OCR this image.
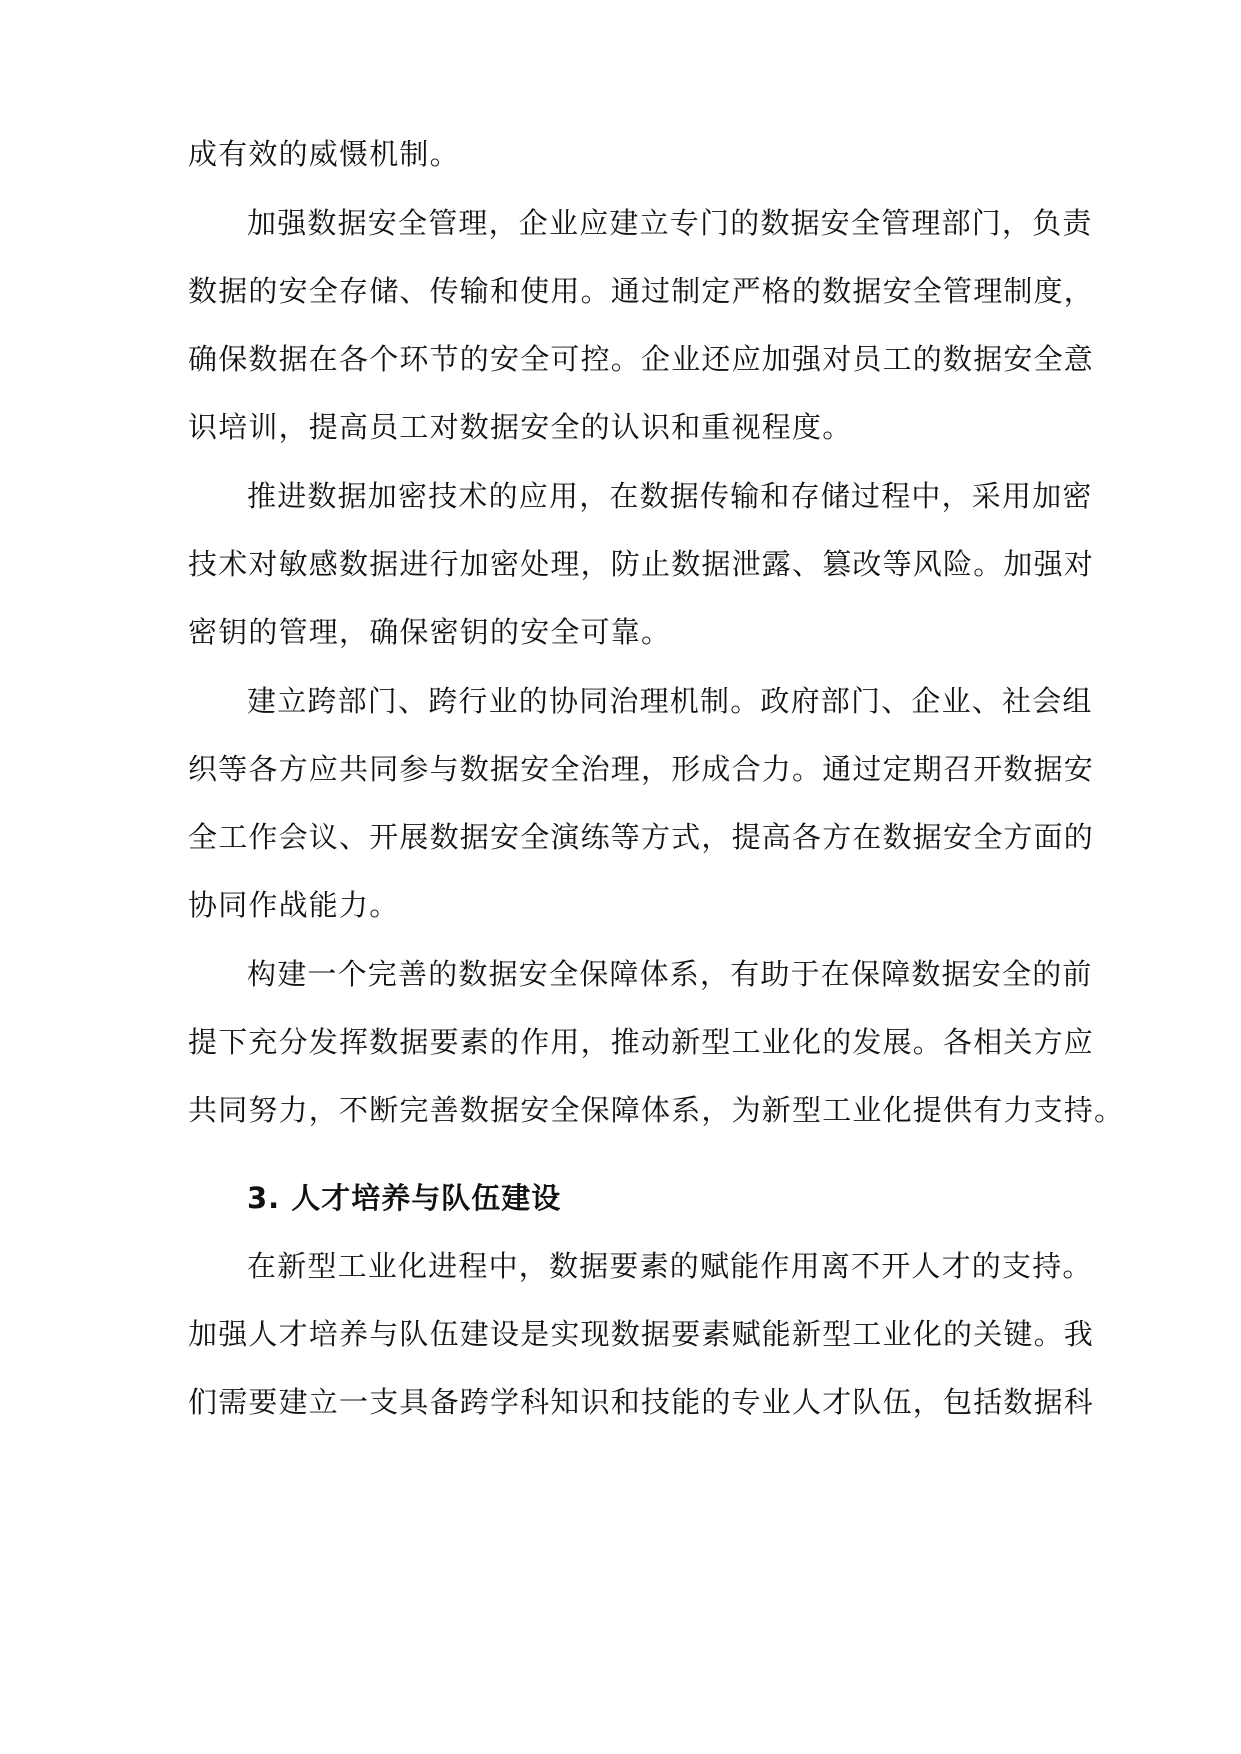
成有效的威慑机制。

加强数据安全管理，企业应建立专门的数据安全管理部门，负责

数据的安全存储、传输和使用。通过制定严格的数据安全管理制度，

确保数据在各个环节的安全可控。企业还应加强对员工的数据安全意

识培训，提高员工对数据安全的认识和重视程度。

推进数据加密技术的应用，在数据传输和存储过程中，采用加密

技术对敏感数据进行加密处理，防止数据泄露、篡改等风险。加强对

密钥的管理，确保密钥的安全可靠。

建立跨部门、跨行业的协同治理机制。政府部门、企业、社会组

织等各方应共同参与数据安全治理，形成合力。通过定期召开数据安

全工作会议、开展数据安全演练等方式，提高各方在数据安全方面的

协同作战能力。

构建一个完善的数据安全保障体系，有助于在保障数据安全的前

提下充分发挥数据要素的作用，推动新型工业化的发展。各相关方应

共同努力，不断完善数据安全保障体系，为新型工业化提供有力支持。

3. 人才培养与队伍建设

在新型工业化进程中，数据要素的赋能作用离不开人才的支持。

加强人才培养与队伍建设是实现数据要素赋能新型工业化的关键。我

们需要建立一支具备跨学科知识和技能的专业人才队伍，包括数据科
